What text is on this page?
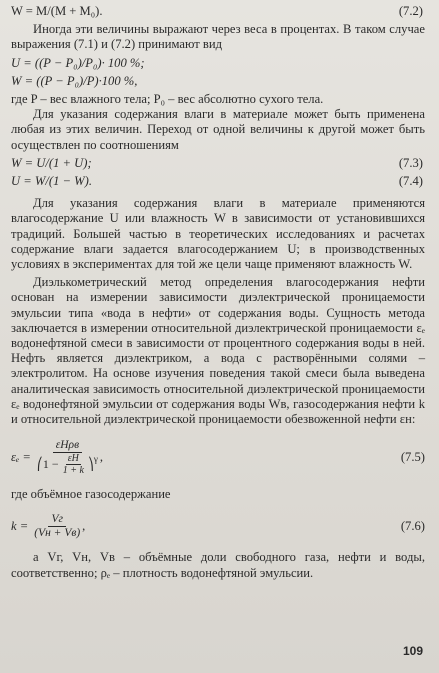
W = M/(M + M₀).	(7.2)

Иногда эти величины выражают через веса в процентах. В таком случае выражения (7.1) и (7.2) принимают вид

U = ((P − P₀)/P₀)· 100 %;
W = ((P − P₀)/P)·100 %,

где P – вес влажного тела; P₀ – вес абсолютно сухого тела.

Для указания содержания влаги в материале может быть применена любая из этих величин. Переход от одной величины к другой может быть осуществлен по соотношениям

W = U/(1 + U);	(7.3)
U = W/(1 − W).	(7.4)

Для указания содержания влаги в материале применяются влагосодержание U или влажность W в зависимости от установившихся традиций. Большей частью в теоретических исследованиях и расчетах содержание влаги задается влагосодержанием U; в производственных условиях в экспериментах для той же цели чаще применяют влажность W.

Диэлькометрический метод определения влагосодержания нефти основан на измерении зависимости диэлектрической проницаемости эмульсии типа «вода в нефти» от содержания воды. Сущность метода заключается в измерении относительной диэлектрической проницаемости εₑ водонефтяной смеси в зависимости от процентного содержания воды в ней. Нефть является диэлектриком, а вода с растворёнными солями – электролитом. На основе изучения поведения такой смеси была выведена аналитическая зависимость относительной диэлектрической проницаемости εₑ водонефтяной эмульсии от содержания воды Wв, газосодержания нефти k и относительной диэлектрической проницаемости обезвоженной нефти εн:

εₑ =
εНρв
⎛1 − $\frac{\varepsilon Н}{1 + k}$ ⎞$^\gamma$ ,	(7.5)

где объёмное газосодержание

$k = \frac{Vг}{(Vн + Vв)}$ ,	(7.6)

а Vг, Vн, Vв – объёмные доли свободного газа, нефти и воды, соответственно; ρₑ – плотность водонефтяной эмульсии.

109
